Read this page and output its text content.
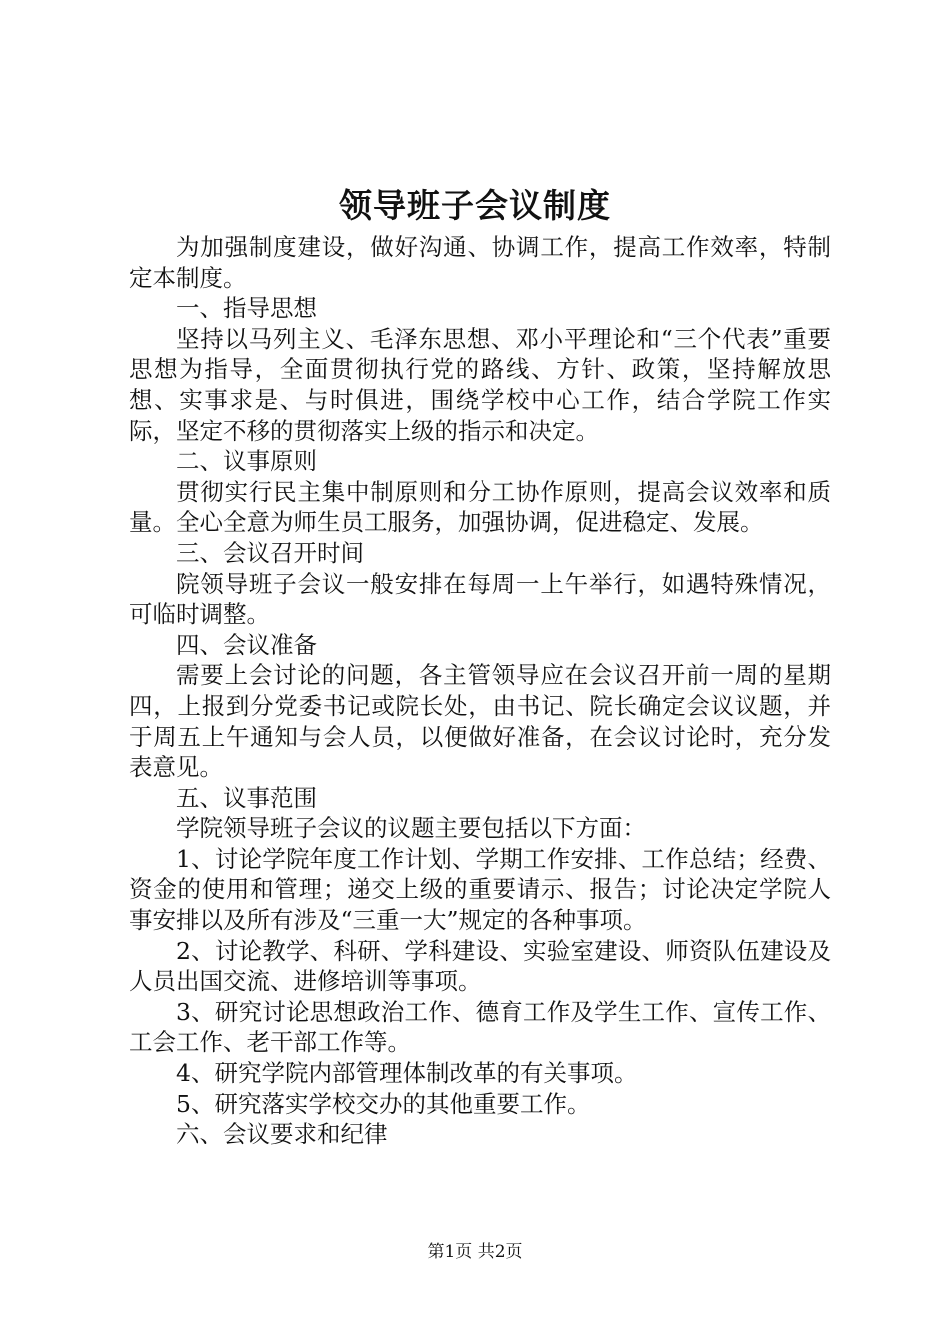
领导班子会议制度

为加强制度建设，做好沟通、协调工作，提高工作效率，特制定本制度。

一、指导思想

坚持以马列主义、毛泽东思想、邓小平理论和“三个代表”重要思想为指导，全面贯彻执行党的路线、方针、政策，坚持解放思想、实事求是、与时俱进，围绕学校中心工作，结合学院工作实际，坚定不移的贯彻落实上级的指示和决定。

二、议事原则

贯彻实行民主集中制原则和分工协作原则，提高会议效率和质量。全心全意为师生员工服务，加强协调，促进稳定、发展。

三、会议召开时间

院领导班子会议一般安排在每周一上午举行，如遇特殊情况，可临时调整。

四、会议准备

需要上会讨论的问题，各主管领导应在会议召开前一周的星期四，上报到分党委书记或院长处，由书记、院长确定会议议题，并于周五上午通知与会人员，以便做好准备，在会议讨论时，充分发表意见。

五、议事范围

学院领导班子会议的议题主要包括以下方面：

1、讨论学院年度工作计划、学期工作安排、工作总结；经费、资金的使用和管理；递交上级的重要请示、报告；讨论决定学院人事安排以及所有涉及“三重一大”规定的各种事项。

2、讨论教学、科研、学科建设、实验室建设、师资队伍建设及人员出国交流、进修培训等事项。

3、研究讨论思想政治工作、德育工作及学生工作、宣传工作、工会工作、老干部工作等。

4、研究学院内部管理体制改革的有关事项。

5、研究落实学校交办的其他重要工作。

六、会议要求和纪律

第1页 共2页
